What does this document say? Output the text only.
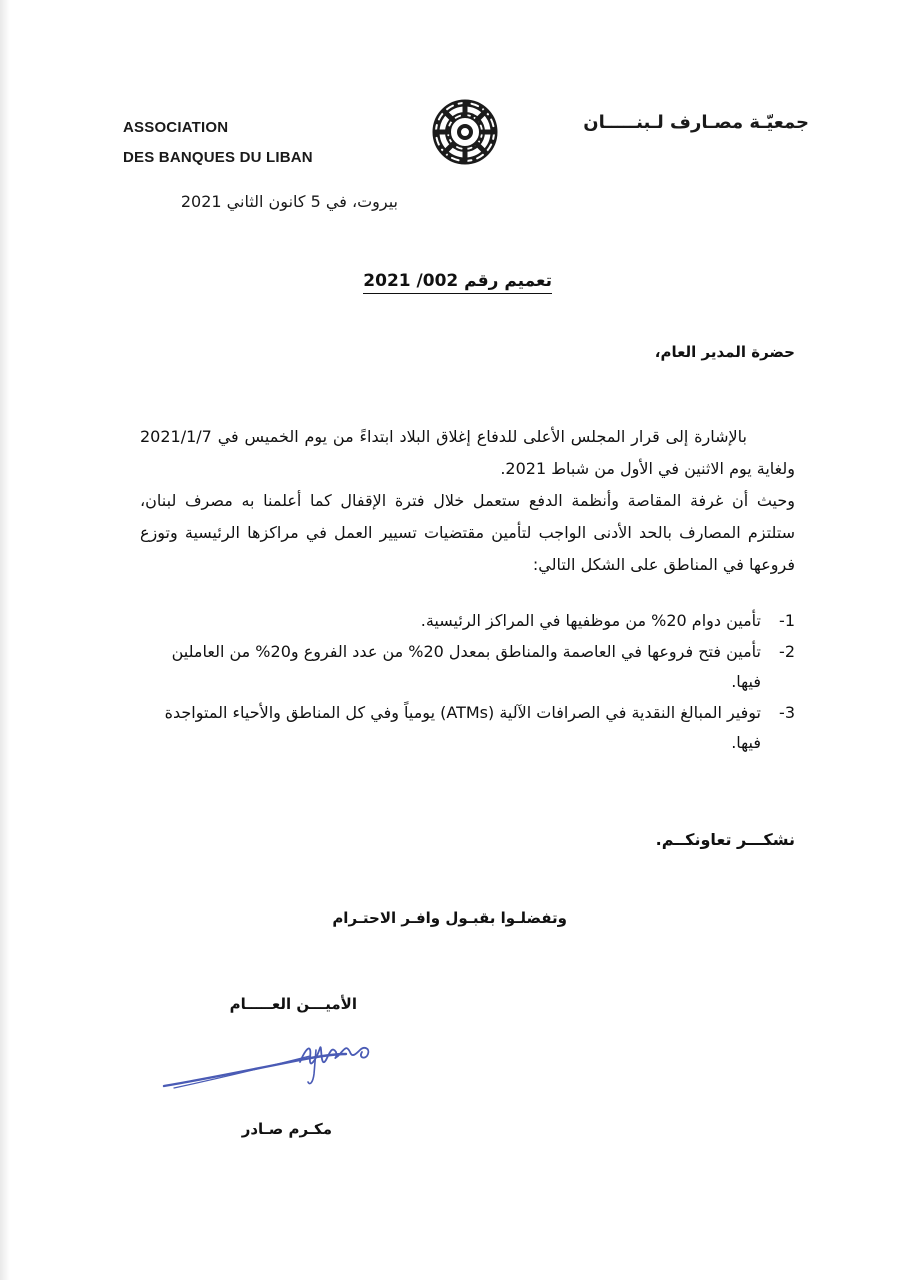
ASSOCIATION
DES BANQUES DU LIBAN
جمعيّـة مصـارف لـبنـــــان
بيروت، في 5 كانون الثاني 2021
تعميم رقم 002/ 2021
حضرة المدير العام،
بالإشارة إلى قرار المجلس الأعلى للدفاع إغلاق البلاد ابتداءً من يوم الخميس في 2021/1/7 ولغاية يوم الاثنين في الأول من شباط 2021.
وحيث أن غرفة المقاصة وأنظمة الدفع ستعمل خلال فترة الإقفال كما أعلمنا به مصرف لبنان، ستلتزم المصارف بالحد الأدنى الواجب لتأمين مقتضيات تسيير العمل في مراكزها الرئيسية وتوزع فروعها في المناطق على الشكل التالي:
1-
تأمين دوام 20% من موظفيها في المراكز الرئيسية.
2-
تأمين فتح فروعها في العاصمة والمناطق بمعدل 20% من عدد الفروع و20% من العاملين فيها.
3-
توفير المبالغ النقدية في الصرافات الآلية (ATMs) يومياً وفي كل المناطق والأحياء المتواجدة فيها.
نشكـــر تعاونكــم.
وتفضلـوا بقبـول وافـر الاحتـرام
الأميـــن العـــــام
مكـرم صـادر
